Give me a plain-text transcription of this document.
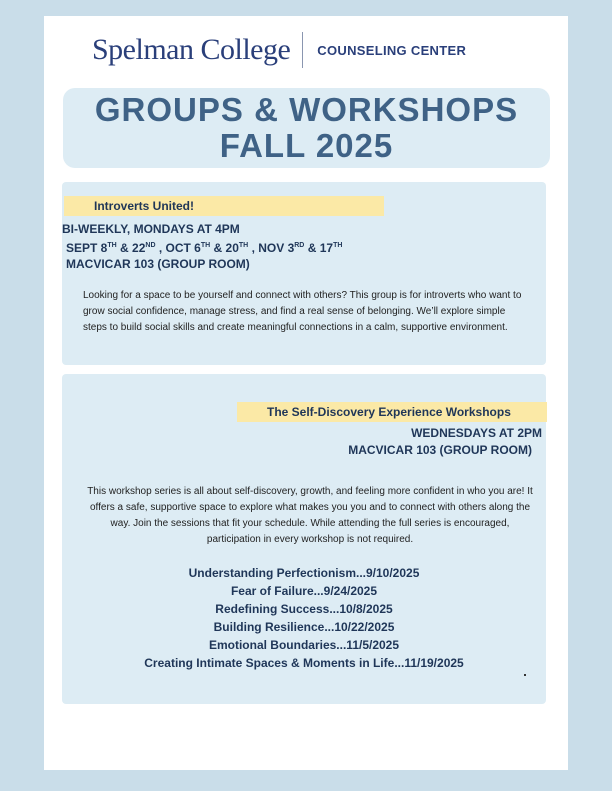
Spelman College COUNSELING CENTER
GROUPS & WORKSHOPS
FALL 2025
Introverts United!
BI-WEEKLY, MONDAYS AT 4PM
SEPT 8TH & 22ND , OCT 6TH & 20TH , NOV 3RD & 17TH
MACVICAR 103 (GROUP ROOM)

Looking for a space to be yourself and connect with others? This group is for introverts who want to grow social confidence, manage stress, and find a real sense of belonging. We’ll explore simple steps to build social skills and create meaningful connections in a calm, supportive environment.

The Self-Discovery Experience Workshops
WEDNESDAYS AT 2PM
MACVICAR 103 (GROUP ROOM)

This workshop series is all about self-discovery, growth, and feeling more confident in who you are! It offers a safe, supportive space to explore what makes you you and to connect with others along the way. Join the sessions that fit your schedule. While attending the full series is encouraged, participation in every workshop is not required.

Understanding Perfectionism...9/10/2025
Fear of Failure...9/24/2025
Redefining Success...10/8/2025
Building Resilience...10/22/2025
Emotional Boundaries...11/5/2025
Creating Intimate Spaces & Moments in Life...11/19/2025
